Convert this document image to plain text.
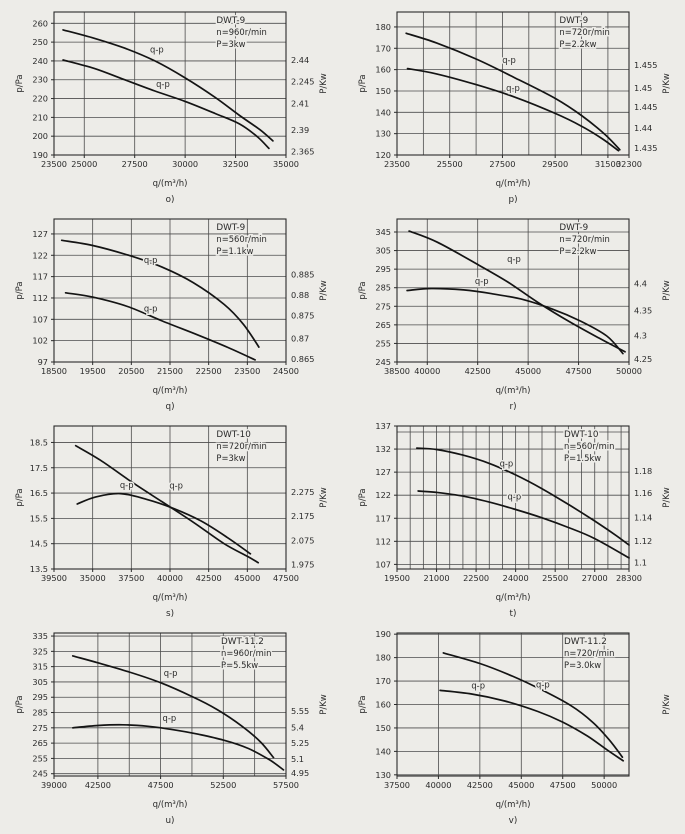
23500 25000	27500	30000	32500	35000
190
200
210
220
230
240
250
260
2.365
2.39
2.41
2.245
2.44
p/Pa	P/Kw
q/(m³/h)
o)
DWT-9
n=960r/min
P=3kw
q-p
q-p
23500	25500	27500	29500	31500
32300
120
130
140
150
160
170
180
1.435
1.44
1.445
1.45
1.455
p/Pa	P/Kw
q/(m³/h)
p)
DWT-9
n=720r/min
P=2.2kw
q-p
q-p
18500 19500 20500 21500 22500 23500 24500
97
102
107
112
117
122
127
0.865
0.87
0.875
0.88
0.885
p/Pa	P/Kw
q/(m³/h)
q)
DWT-9
n=560r/min
P=1.1kw
q-p
q-p
38500 40000	42500	45000	47500	50000
245
255
265
275
285
295
305
345
4.25
4.3
4.35
4.4
p/Pa	P/Kw
q/(m³/h)
r)
DWT-9
n=720r/min
P=2.2kw
q-p
q-p
39500 35000 37500 40000 42500 45000 47500
13.5
14.5
15.5
16.5
17.5
18.5
1.975
2.075
2.175
2.275
p/Pa	P/Kw
q/(m³/h)
s)
DWT-10
n=720r/min
P=3kw
q-p
q-p
19500 21000 22500 24000 25500 27000 28300
107
112
117
122
127
132
137
1.1
1.12
1.14
1.16
1.18
p/Pa	P/Kw
q/(m³/h)
t)
DWT-10
n=560r/min
P=1.5kw
q-p
q-p
39000 42500	47500	52500	57500
245
255
265
275
285
295
305
315
325
335
4.95
5.1
5.25
5.4
5.55
p/Pa	P/Kw
q/(m³/h)
u)
DWT-11.2
n=960r/min
P=5.5kw
q-p
q-p
37500 40000 42500 45000 47500 50000
130
140
150
160
170
180
190
p/Pa	P/Kw
q/(m³/h)
v)
DWT-11.2
n=720r/min
P=3.0kw
q-p
q-p
